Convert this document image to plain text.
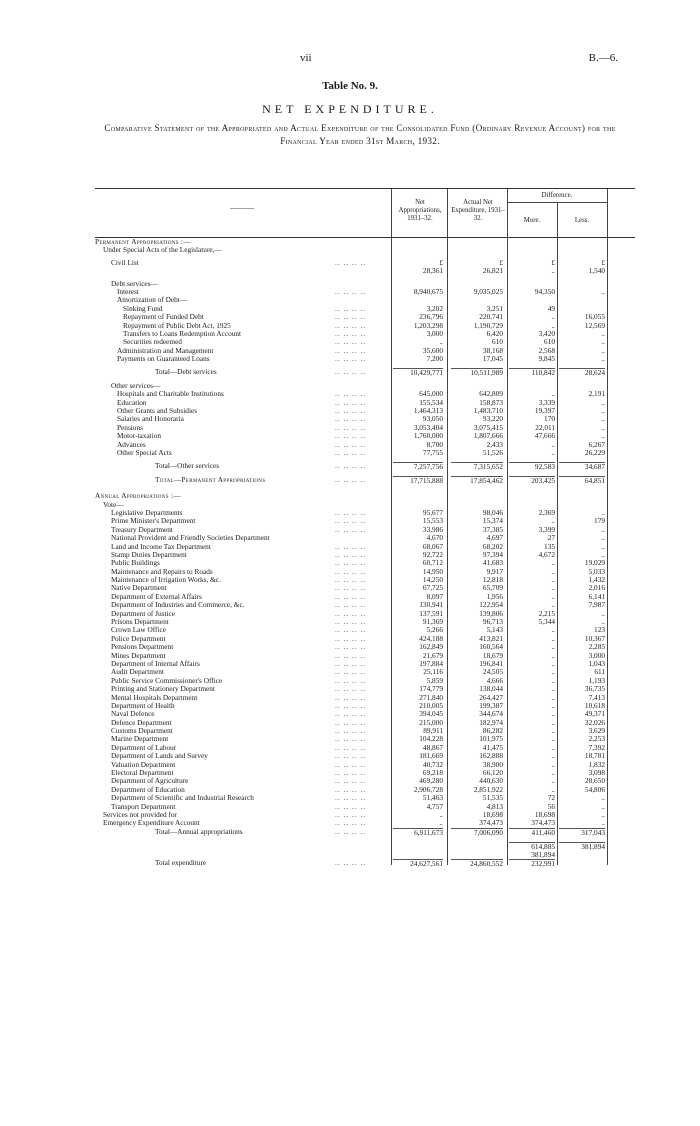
vii	B.—6.
Table No. 9.
NET EXPENDITURE.
Comparative Statement of the Appropriated and Actual Expenditure of the Consolidated Fund (Ordinary Revenue Account) for the Financial Year ended 31st March, 1932.
———
Net Appropriations, 1931–32.
Actual Net Expenditure, 1931–32.
Difference.
More.	Less.
Permanent Appropriations :—
Under Special Acts of the Legislature,—
Civil List	.. .. .. ..	£	£	£	£
28,361	26,821	..	1,540
Debt services—
Interest	.. .. .. ..	8,940,675	9,035,025	94,350	..
Amortization of Debt—
Sinking Fund	.. .. .. ..	3,202	3,251	49
Repayment of Funded Debt	.. .. .. ..	236,796	220,741	..	16,055
Repayment of Public Debt Act, 1925	.. .. .. ..	1,203,298	1,190,729	..	12,569
Transfers to Loans Redemption Account	.. .. .. ..	3,000	6,420	3,420	..
Securities redeemed	.. .. .. ..	..	610	610	..
Administration and Management	.. .. .. ..	35,600	38,168	2,568	..
Payments on Guaranteed Loans	.. .. .. ..	7,200	17,045	9,845	..
Total—Debt services	.. .. .. ..	10,429,771	10,511,989	110,842	28,624
Other services—
Hospitals and Charitable Institutions	.. .. .. ..	645,000	642,809	..	2,191
Education	.. .. .. ..	155,534	158,873	3,339	..
Other Grants and Subsidies	.. .. .. ..	1,464,313	1,483,710	19,397	..
Salaries and Honoraria	.. .. .. ..	93,050	93,220	170	..
Pensions	.. .. .. ..	3,053,404	3,075,415	22,011	..
Motor-taxation	.. .. .. ..	1,760,000	1,807,666	47,666	..
Advances	.. .. .. ..	8,700	2,433	..	6,267
Other Special Acts	.. .. .. ..	77,755	51,526	..	26,229
Total—Other services	.. .. .. ..	7,257,756	7,315,652	92,583	34,687
Total—Permanent Appropriations	.. .. .. ..	17,715,888	17,854,462	203,425	64,851
Annual Appropriations :—
Vote—
Legislative Departments	.. .. .. ..	95,677	98,046	2,369	..
Prime Minister's Department	.. .. .. ..	15,553	15,374	..	179
Treasury Department	.. .. .. ..	33,986	37,385	3,399	..
National Provident and Friendly Societies Department	4,670	4,697	27	..
Land and Income Tax Department	.. .. .. ..	68,067	68,202	135	..
Stamp Duties Department	.. .. .. ..	92,722	97,394	4,672	..
Public Buildings	.. .. .. ..	60,712	41,683	..	19,029
Maintenance and Repairs to Roads	.. .. .. ..	14,950	9,917	..	5,033
Maintenance of Irrigation Works, &c.	.. .. .. ..	14,250	12,818	..	1,432
Native Department	.. .. .. ..	67,725	65,709	..	2,016
Department of External Affairs	.. .. .. ..	8,097	1,956	..	6,141
Department of Industries and Commerce, &c.	.. .. .. ..	130,941	122,954	..	7,987
Department of Justice	.. .. .. ..	137,591	139,806	2,215	..
Prisons Department	.. .. .. ..	91,369	96,713	5,344	..
Crown Law Office	.. .. .. ..	5,266	5,143	..	123
Police Department	.. .. .. ..	424,188	413,821	..	10,367
Pensions Department	.. .. .. ..	162,849	160,564	..	2,285
Mines Department	.. .. .. ..	21,679	18,679	..	3,000
Department of Internal Affairs	.. .. .. ..	197,884	196,841	..	1,043
Audit Department	.. .. .. ..	25,116	24,505	..	611
Public Service Commissioner's Office	.. .. .. ..	5,859	4,666	..	1,193
Printing and Stationery Department	.. .. .. ..	174,779	138,044	..	36,735
Mental Hospitals Department	.. .. .. ..	271,840	264,427	..	7,413
Department of Health	.. .. .. ..	210,005	199,387	..	10,618
Naval Defence	.. .. .. ..	394,045	344,674	..	49,371
Defence Department	.. .. .. ..	215,000	182,974	..	32,026
Customs Department	.. .. .. ..	89,911	86,282	..	3,629
Marine Department	.. .. .. ..	104,228	101,975	..	2,253
Department of Labour	.. .. .. ..	48,867	41,475	..	7,392
Department of Lands and Survey	.. .. .. ..	181,669	162,888	..	18,781
Valuation Department	.. .. .. ..	40,732	38,900	..	1,832
Electoral Department	.. .. .. ..	69,218	66,120	..	3,098
Department of Agriculture	.. .. .. ..	469,280	440,630	..	28,650
Department of Education	.. .. .. ..	2,906,728	2,851,922	..	54,806
Department of Scientific and Industrial Research	.. .. .. ..	51,463	51,535	72	..
Transport Department	.. .. .. ..	4,757	4,813	56	..
Services not provided for	.. .. .. ..	..	18,698	18,698	..
Emergency Expenditure Account	.. .. .. ..	..	374,473	374,473	..
Total—Annual appropriations	.. .. .. ..	6,911,673	7,006,090	411,460	317,043
614,885	381,894
381,894
Total expenditure	.. .. .. ..	24,627,561	24,860,552	232,991
